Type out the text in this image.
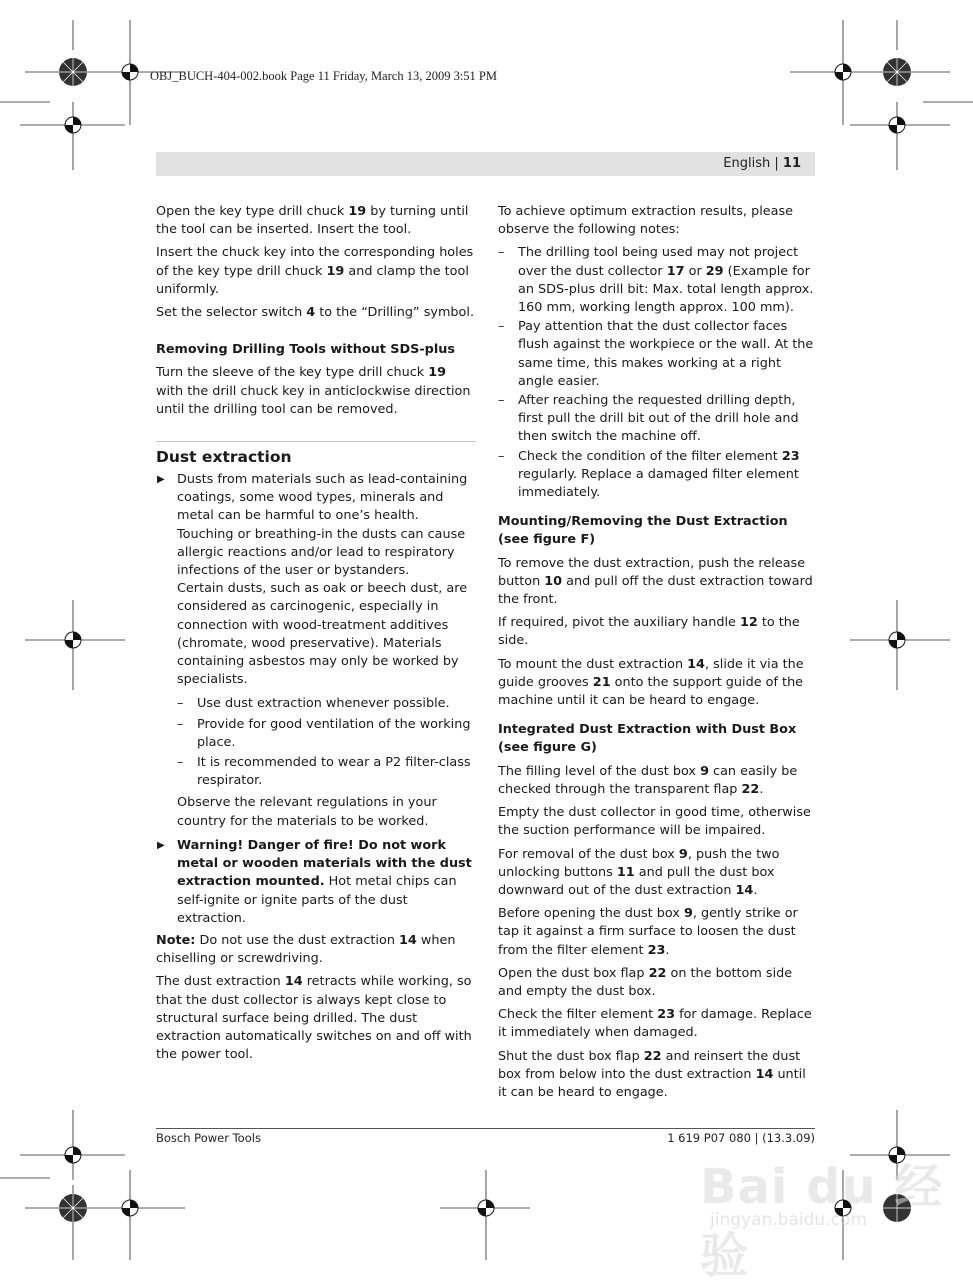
OBJ_BUCH-404-002.book Page 11 Friday, March 13, 2009 3:51 PM
English | 11

Open the key type drill chuck 19 by turning until the tool can be inserted. Insert the tool.

Insert the chuck key into the corresponding holes of the key type drill chuck 19 and clamp the tool uniformly.

Set the selector switch 4 to the “Drilling” symbol.

Removing Drilling Tools without SDS-plus

Turn the sleeve of the key type drill chuck 19 with the drill chuck key in anticlockwise direction until the drilling tool can be removed.

Dust extraction
▶ Dusts from materials such as lead-containing coatings, some wood types, minerals and metal can be harmful to one’s health. Touching or breathing-in the dusts can cause allergic reactions and/or lead to respiratory infections of the user or bystanders.
Certain dusts, such as oak or beech dust, are considered as carcinogenic, especially in connection with wood-treatment additives (chromate, wood preservative). Materials containing asbestos may only be worked by specialists.
– Use dust extraction whenever possible.
– Provide for good ventilation of the working place.
– It is recommended to wear a P2 filter-class respirator.
Observe the relevant regulations in your country for the materials to be worked.
▶ Warning! Danger of fire! Do not work metal or wooden materials with the dust extraction mounted. Hot metal chips can self-ignite or ignite parts of the dust extraction.

Note: Do not use the dust extraction 14 when chiselling or screwdriving.

The dust extraction 14 retracts while working, so that the dust collector is always kept close to structural surface being drilled. The dust extraction automatically switches on and off with the power tool.

To achieve optimum extraction results, please observe the following notes:

– The drilling tool being used may not project over the dust collector 17 or 29 (Example for an SDS-plus drill bit: Max. total length approx. 160 mm, working length approx. 100 mm).
– Pay attention that the dust collector faces flush against the workpiece or the wall. At the same time, this makes working at a right angle easier.
– After reaching the requested drilling depth, first pull the drill bit out of the drill hole and then switch the machine off.
– Check the condition of the filter element 23 regularly. Replace a damaged filter element immediately.

Mounting/Removing the Dust Extraction (see figure F)

To remove the dust extraction, push the release button 10 and pull off the dust extraction toward the front.

If required, pivot the auxiliary handle 12 to the side.

To mount the dust extraction 14, slide it via the guide grooves 21 onto the support guide of the machine until it can be heard to engage.

Integrated Dust Extraction with Dust Box (see figure G)

The filling level of the dust box 9 can easily be checked through the transparent flap 22.

Empty the dust collector in good time, otherwise the suction performance will be impaired.

For removal of the dust box 9, push the two unlocking buttons 11 and pull the dust box downward out of the dust extraction 14.

Before opening the dust box 9, gently strike or tap it against a firm surface to loosen the dust from the filter element 23.

Open the dust box flap 22 on the bottom side and empty the dust box.

Check the filter element 23 for damage. Replace it immediately when damaged.

Shut the dust box flap 22 and reinsert the dust box from below into the dust extraction 14 until it can be heard to engage.

Bosch Power Tools	1 619 P07 080 | (13.3.09)
Bai du 经验
jingyan.baidu.com
